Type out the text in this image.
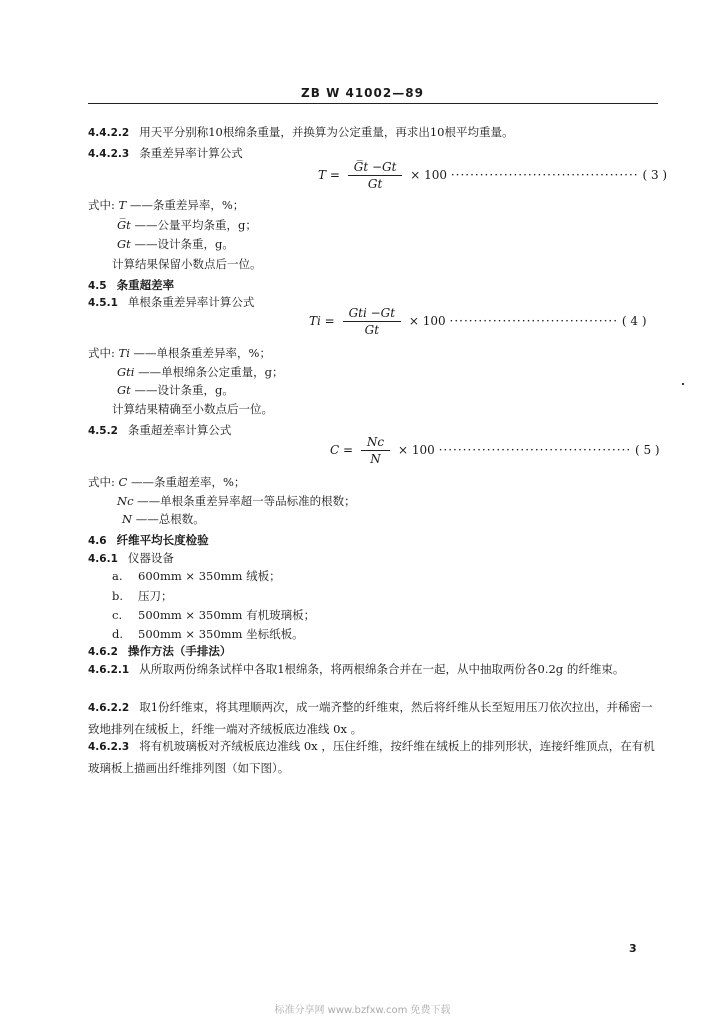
ZB W 41002—89
4.4.2.2 用天平分别称10根绵条重量，并换算为公定重量，再求出10根平均重量。
4.4.2.3 条重差异率计算公式
$T = \frac{G̅t -Gt}{Gt} \times 100$ ······································· ( 3 )
式中: T ——条重差异率，%；
G̅t ——公量平均条重，g；
Gt ——设计条重，g。
计算结果保留小数点后一位。
4.5 条重超差率
4.5.1 单根条重差异率计算公式
$Ti = \frac{\text{Gti −Gt}}{Gt} \times 100$ ··································· ( 4 )
式中: Ti ——单根条重差异率，%；
Gti ——单根绵条公定重量，g；
Gt ——设计条重，g。
计算结果精确至小数点后一位。
4.5.2 条重超差率计算公式
$C = \frac{Nc}{N} \times 100$ ········································ ( 5 )
式中: C ——条重超差率，%；
Nc ——单根条重差异率超一等品标准的根数；
N ——总根数。
4.6 纤维平均长度检验
4.6.1 仪器设备
a. 600mm × 350mm 绒板；
b. 压刀；
c. 500mm × 350mm 有机玻璃板；
d. 500mm × 350mm 坐标纸板。
4.6.2 操作方法（手排法）
4.6.2.1 从所取两份绵条试样中各取1根绵条，将两根绵条合并在一起，从中抽取两份各0.2g 的纤维束。
4.6.2.2 取1份纤维束，将其理顺两次，成一端齐整的纤维束，然后将纤维从长至短用压刀依次拉出，并稀密一致地排列在绒板上，纤维一端对齐绒板底边准线 0x 。
4.6.2.3 将有机玻璃板对齐绒板底边准线 0x ，压住纤维，按纤维在绒板上的排列形状，连接纤维顶点，在有机玻璃板上描画出纤维排列图（如下图）。
3
标准分享网 www.bzfxw.com 免费下载
